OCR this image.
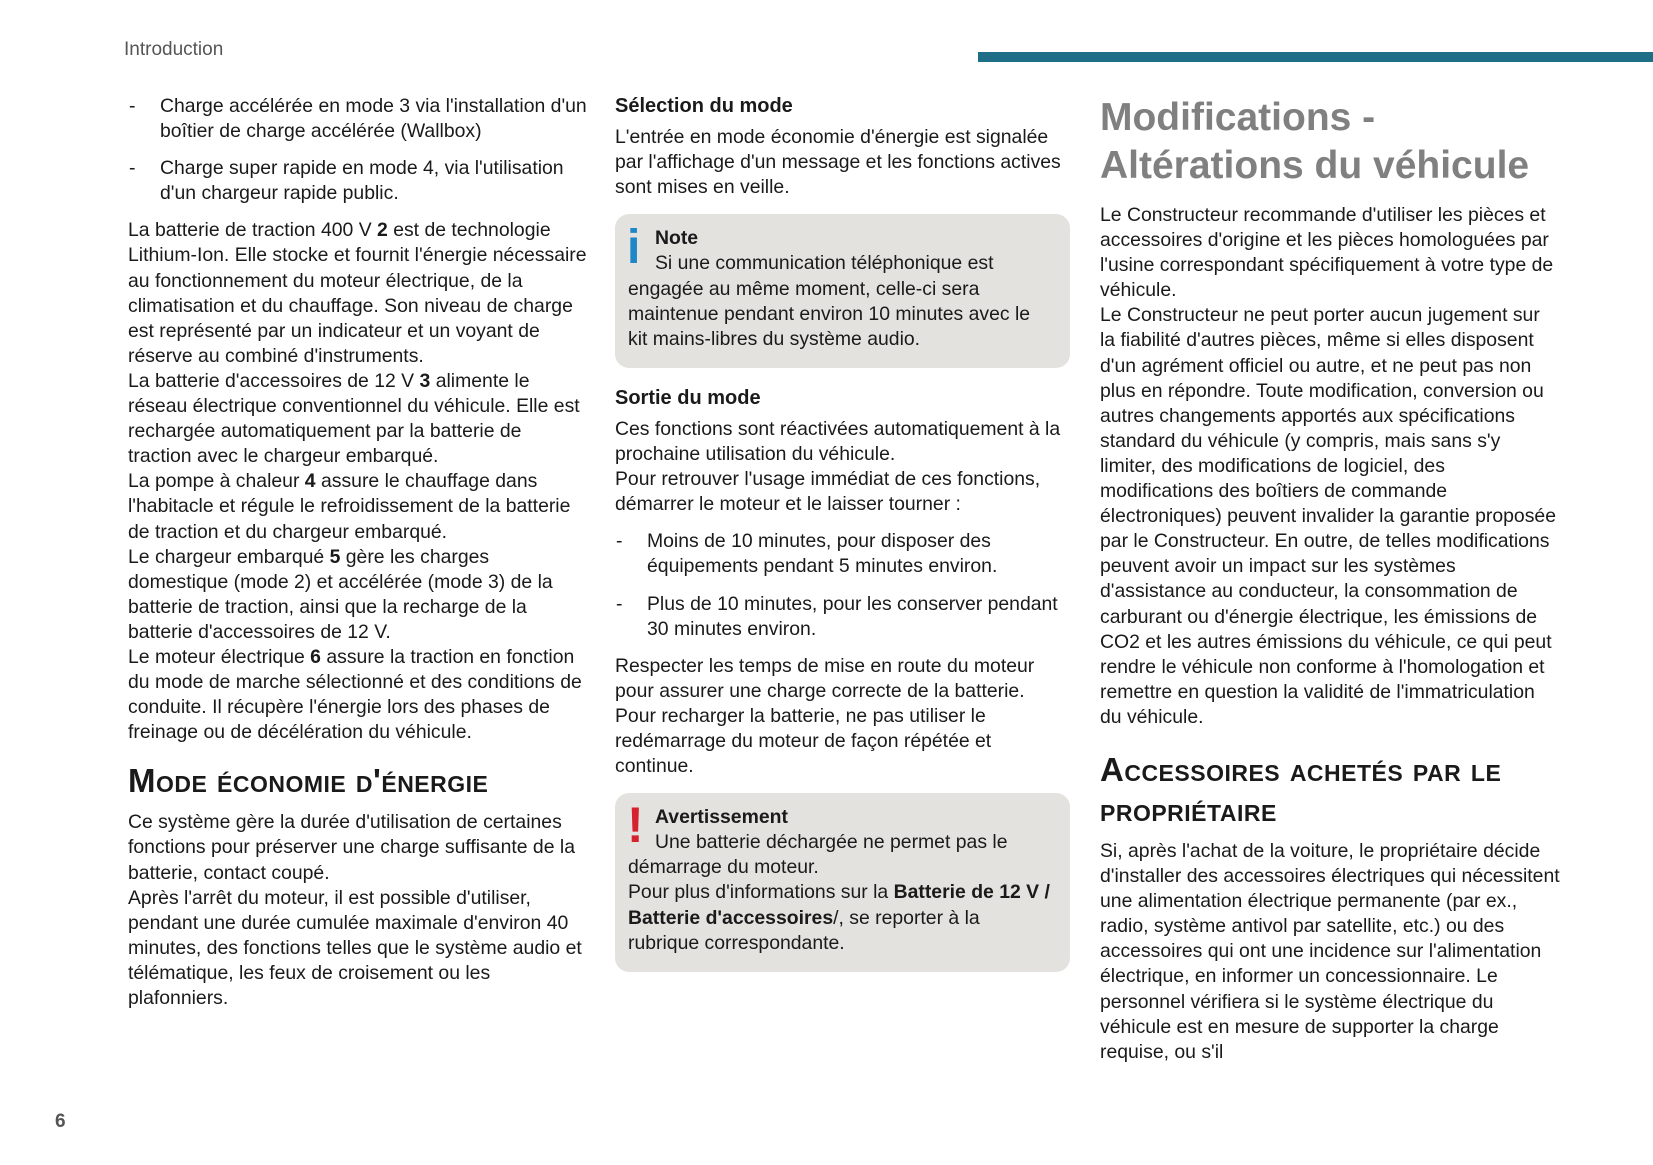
Introduction
-	Charge accélérée en mode 3 via l'installation d'un boîtier de charge accélérée (Wallbox)
-	Charge super rapide en mode 4, via l'utilisation d'un chargeur rapide public.

La batterie de traction 400 V 2 est de technologie Lithium-Ion. Elle stocke et fournit l'énergie nécessaire au fonctionnement du moteur électrique, de la climatisation et du chauffage. Son niveau de charge est représenté par un indicateur et un voyant de réserve au combiné d'instruments.

La batterie d'accessoires de 12 V 3 alimente le réseau électrique conventionnel du véhicule. Elle est rechargée automatiquement par la batterie de traction avec le chargeur embarqué.

La pompe à chaleur 4 assure le chauffage dans l'habitacle et régule le refroidissement de la batterie de traction et du chargeur embarqué.

Le chargeur embarqué 5 gère les charges domestique (mode 2) et accélérée (mode 3) de la batterie de traction, ainsi que la recharge de la batterie d'accessoires de 12 V.

Le moteur électrique 6 assure la traction en fonction du mode de marche sélectionné et des conditions de conduite. Il récupère l'énergie lors des phases de freinage ou de décélération du véhicule.

Mode économie d'énergie

Ce système gère la durée d'utilisation de certaines fonctions pour préserver une charge suffisante de la batterie, contact coupé.

Après l'arrêt du moteur, il est possible d'utiliser, pendant une durée cumulée maximale d'environ 40 minutes, des fonctions telles que le système audio et télématique, les feux de croisement ou les plafonniers.

Sélection du mode

L'entrée en mode économie d'énergie est signalée par l'affichage d'un message et les fonctions actives sont mises en veille.

i Note
Si une communication téléphonique est
engagée au même moment, celle-ci sera maintenue pendant environ 10 minutes avec le kit mains-libres du système audio.
Sortie du mode

Ces fonctions sont réactivées automatiquement à la prochaine utilisation du véhicule.

Pour retrouver l'usage immédiat de ces fonctions, démarrer le moteur et le laisser tourner :

-	Moins de 10 minutes, pour disposer des équipements pendant 5 minutes environ.
-	Plus de 10 minutes, pour les conserver pendant 30 minutes environ.

Respecter les temps de mise en route du moteur pour assurer une charge correcte de la batterie. Pour recharger la batterie, ne pas utiliser le redémarrage du moteur de façon répétée et continue.

! Avertissement
Une batterie déchargée ne permet pas le
démarrage du moteur.
Pour plus d'informations sur la Batterie de 12 V / Batterie d'accessoires/, se reporter à la rubrique correspondante.
Modifications - Altérations du véhicule

Le Constructeur recommande d'utiliser les pièces et accessoires d'origine et les pièces homologuées par l'usine correspondant spécifiquement à votre type de véhicule.

Le Constructeur ne peut porter aucun jugement sur la fiabilité d'autres pièces, même si elles disposent d'un agrément officiel ou autre, et ne peut pas non plus en répondre. Toute modification, conversion ou autres changements apportés aux spécifications standard du véhicule (y compris, mais sans s'y limiter, des modifications de logiciel, des modifications des boîtiers de commande électroniques) peuvent invalider la garantie proposée par le Constructeur. En outre, de telles modifications peuvent avoir un impact sur les systèmes d'assistance au conducteur, la consommation de carburant ou d'énergie électrique, les émissions de CO2 et les autres émissions du véhicule, ce qui peut rendre le véhicule non conforme à l'homologation et remettre en question la validité de l'immatriculation du véhicule.

Accessoires achetés par le propriétaire

Si, après l'achat de la voiture, le propriétaire décide d'installer des accessoires électriques qui nécessitent une alimentation électrique permanente (par ex., radio, système antivol par satellite, etc.) ou des accessoires qui ont une incidence sur l'alimentation électrique, en informer un concessionnaire. Le personnel vérifiera si le système électrique du véhicule est en mesure de supporter la charge requise, ou s'il

6
